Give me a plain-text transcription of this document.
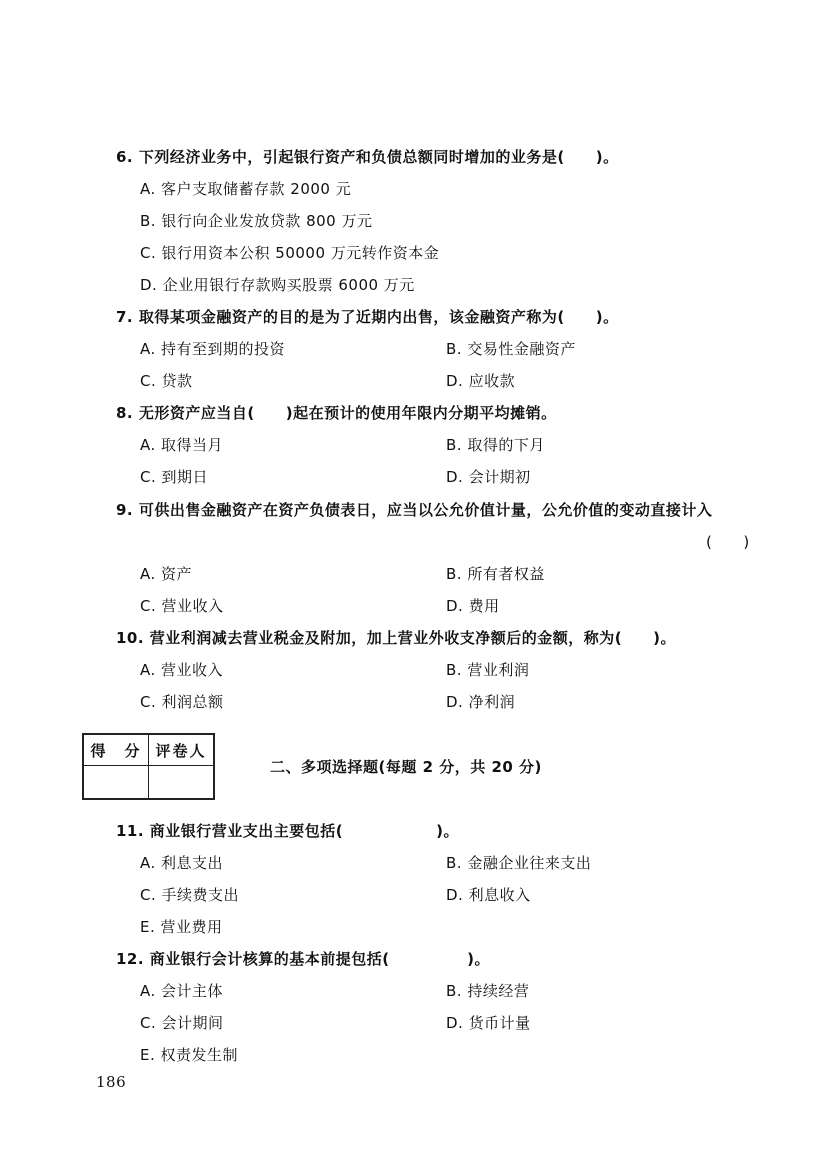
6. 下列经济业务中，引起银行资产和负债总额同时增加的业务是(　　)。
A. 客户支取储蓄存款 2000 元
B. 银行向企业发放贷款 800 万元
C. 银行用资本公积 50000 万元转作资本金
D. 企业用银行存款购买股票 6000 万元
7. 取得某项金融资产的目的是为了近期内出售，该金融资产称为(　　)。
A. 持有至到期的投资	B. 交易性金融资产
C. 贷款	D. 应收款
8. 无形资产应当自(　　)起在预计的使用年限内分期平均摊销。
A. 取得当月	B. 取得的下月
C. 到期日	D. 会计期初
9. 可供出售金融资产在资产负债表日，应当以公允价值计量，公允价值的变动直接计入
(　　)
A. 资产	B. 所有者权益
C. 营业收入	D. 费用
10. 营业利润减去营业税金及附加，加上营业外收支净额后的金额，称为(　　)。
A. 营业收入	B. 营业利润
C. 利润总额	D. 净利润
得　分	评卷人

二、多项选择题(每题 2 分，共 20 分)
11. 商业银行营业支出主要包括(　　　　　　)。
A. 利息支出	B. 金融企业往来支出
C. 手续费支出	D. 利息收入
E. 营业费用
12. 商业银行会计核算的基本前提包括(　　　　　)。
A. 会计主体	B. 持续经营
C. 会计期间	D. 货币计量
E. 权责发生制
186
